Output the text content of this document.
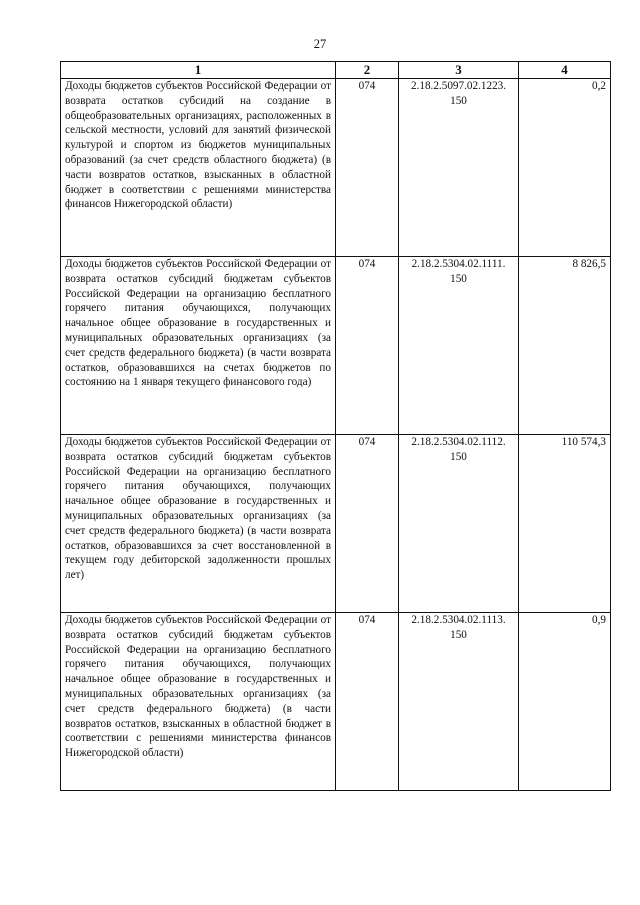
27
1	2	3	4
Доходы бюджетов субъектов Российской Федерации от возврата остатков субсидий на создание в общеобразовательных организациях, расположенных в сельской местности, условий для занятий физической культурой и спортом из бюджетов муниципальных образований (за счет средств областного бюджета) (в части возвратов остатков, взысканных в областной бюджет в соответствии с решениями министерства финансов Нижегородской области)	074	2.18.2.5097.02.1223. 150	0,2
Доходы бюджетов субъектов Российской Федерации от возврата остатков субсидий бюджетам субъектов Российской Федерации на организацию бесплатного горячего питания обучающихся, получающих начальное общее образование в государственных и муниципальных образовательных организациях (за счет средств федерального бюджета) (в части возврата остатков, образовавшихся на счетах бюджетов по состоянию на 1 января текущего финансового года)	074	2.18.2.5304.02.1111. 150	8 826,5
Доходы бюджетов субъектов Российской Федерации от возврата остатков субсидий бюджетам субъектов Российской Федерации на организацию бесплатного горячего питания обучающихся, получающих начальное общее образование в государственных и муниципальных образовательных организациях (за счет средств федерального бюджета) (в части возврата остатков, образовавшихся за счет восстановленной в текущем году дебиторской задолженности прошлых лет)	074	2.18.2.5304.02.1112. 150	110 574,3
Доходы бюджетов субъектов Российской Федерации от возврата остатков субсидий бюджетам субъектов Российской Федерации на организацию бесплатного горячего питания обучающихся, получающих начальное общее образование в государственных и муниципальных образовательных организациях (за счет средств федерального бюджета) (в части возвратов остатков, взысканных в областной бюджет в соответствии с решениями министерства финансов Нижегородской области)	074	2.18.2.5304.02.1113. 150	0,9
